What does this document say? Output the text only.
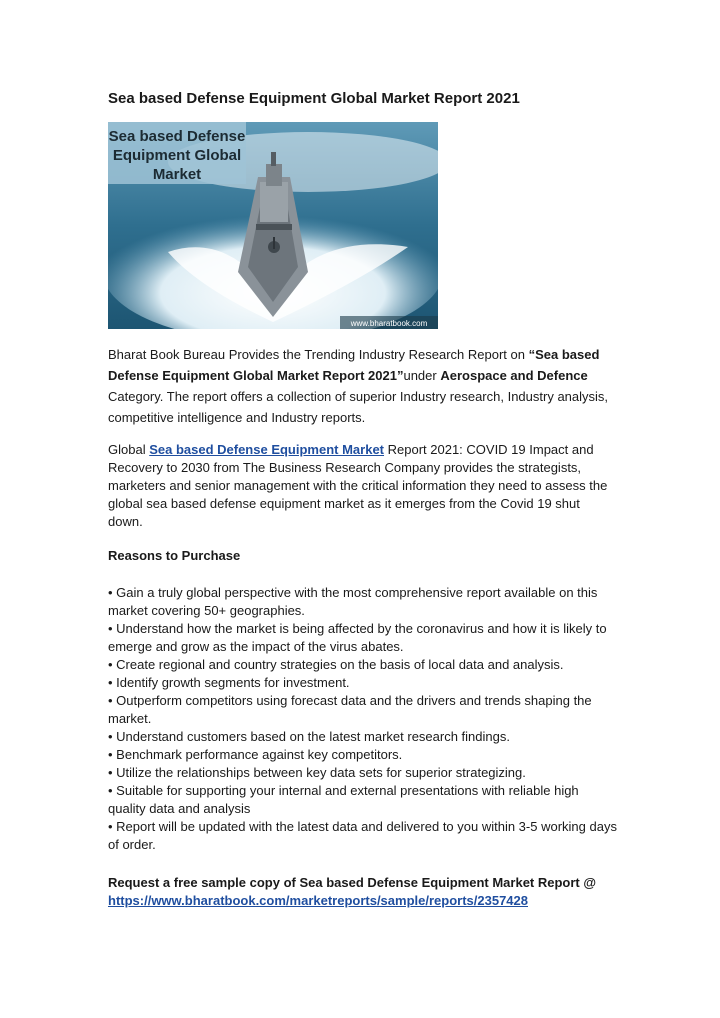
Sea based Defense Equipment Global Market Report 2021
Sea based Defense
Equipment Global
Market
www.bharatbook.com

Bharat Book Bureau Provides the Trending Industry Research Report on “Sea based Defense Equipment Global Market Report 2021”under Aerospace and Defence Category. The report offers a collection of superior Industry research, Industry analysis, competitive intelligence and Industry reports.

Global Sea based Defense Equipment Market Report 2021: COVID 19 Impact and Recovery to 2030 from The Business Research Company provides the strategists, marketers and senior management with the critical information they need to assess the global sea based defense equipment market as it emerges from the Covid 19 shut down.

Reasons to Purchase

• Gain a truly global perspective with the most comprehensive report available on this market covering 50+ geographies.
• Understand how the market is being affected by the coronavirus and how it is likely to emerge and grow as the impact of the virus abates.
• Create regional and country strategies on the basis of local data and analysis.
• Identify growth segments for investment.
• Outperform competitors using forecast data and the drivers and trends shaping the market.
• Understand customers based on the latest market research findings.
• Benchmark performance against key competitors.
• Utilize the relationships between key data sets for superior strategizing.
• Suitable for supporting your internal and external presentations with reliable high quality data and analysis
• Report will be updated with the latest data and delivered to you within 3-5 working days of order.

Request a free sample copy of Sea based Defense Equipment Market Report @
https://www.bharatbook.com/marketreports/sample/reports/2357428
